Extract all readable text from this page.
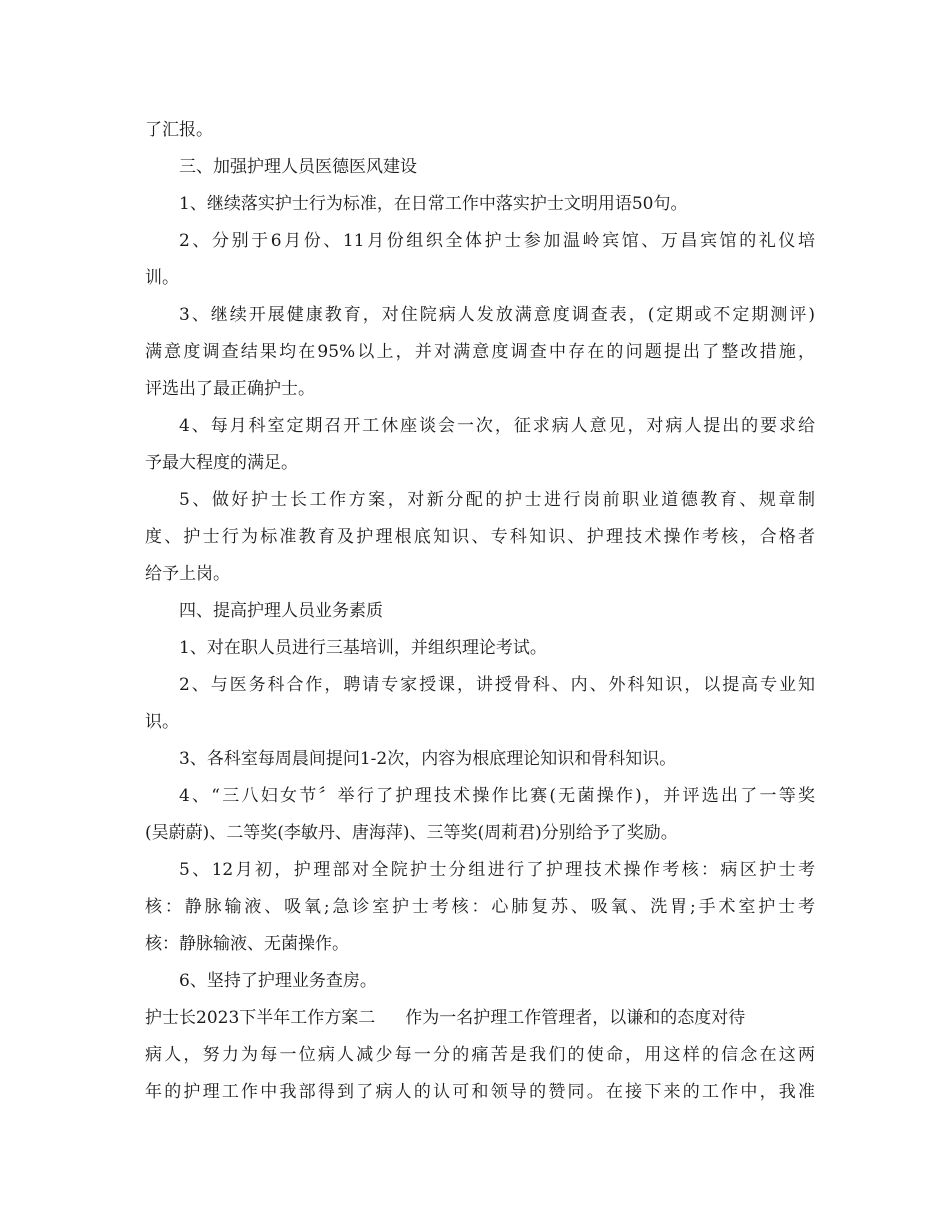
了汇报。
三、加强护理人员医德医风建设
1、继续落实护士行为标准，在日常工作中落实护士文明用语50句。
2、分别于6月份、11月份组织全体护士参加温岭宾馆、万昌宾馆的礼仪培
训。
3、继续开展健康教育，对住院病人发放满意度调查表，(定期或不定期测评)
满意度调查结果均在95%以上，并对满意度调查中存在的问题提出了整改措施，
评选出了最正确护士。
4、每月科室定期召开工休座谈会一次，征求病人意见，对病人提出的要求给
予最大程度的满足。
5、做好护士长工作方案，对新分配的护士进行岗前职业道德教育、规章制
度、护士行为标准教育及护理根底知识、专科知识、护理技术操作考核，合格者
给予上岗。
四、提高护理人员业务素质
1、对在职人员进行三基培训，并组织理论考试。
2、与医务科合作，聘请专家授课，讲授骨科、内、外科知识，以提高专业知
识。
3、各科室每周晨间提问1-2次，内容为根底理论知识和骨科知识。
4、“三八妇女节〞举行了护理技术操作比赛(无菌操作)，并评选出了一等奖
(吴蔚蔚)、二等奖(李敏丹、唐海萍)、三等奖(周莉君)分别给予了奖励。
5、12月初，护理部对全院护士分组进行了护理技术操作考核：病区护士考
核：静脉输液、吸氧;急诊室护士考核：心肺复苏、吸氧、洗胃;手术室护士考
核：静脉输液、无菌操作。
6、坚持了护理业务查房。
护士长2023下半年工作方案二 作为一名护理工作管理者，以谦和的态度对待
病人，努力为每一位病人减少每一分的痛苦是我们的使命，用这样的信念在这两
年的护理工作中我部得到了病人的认可和领导的赞同。在接下来的工作中，我准
